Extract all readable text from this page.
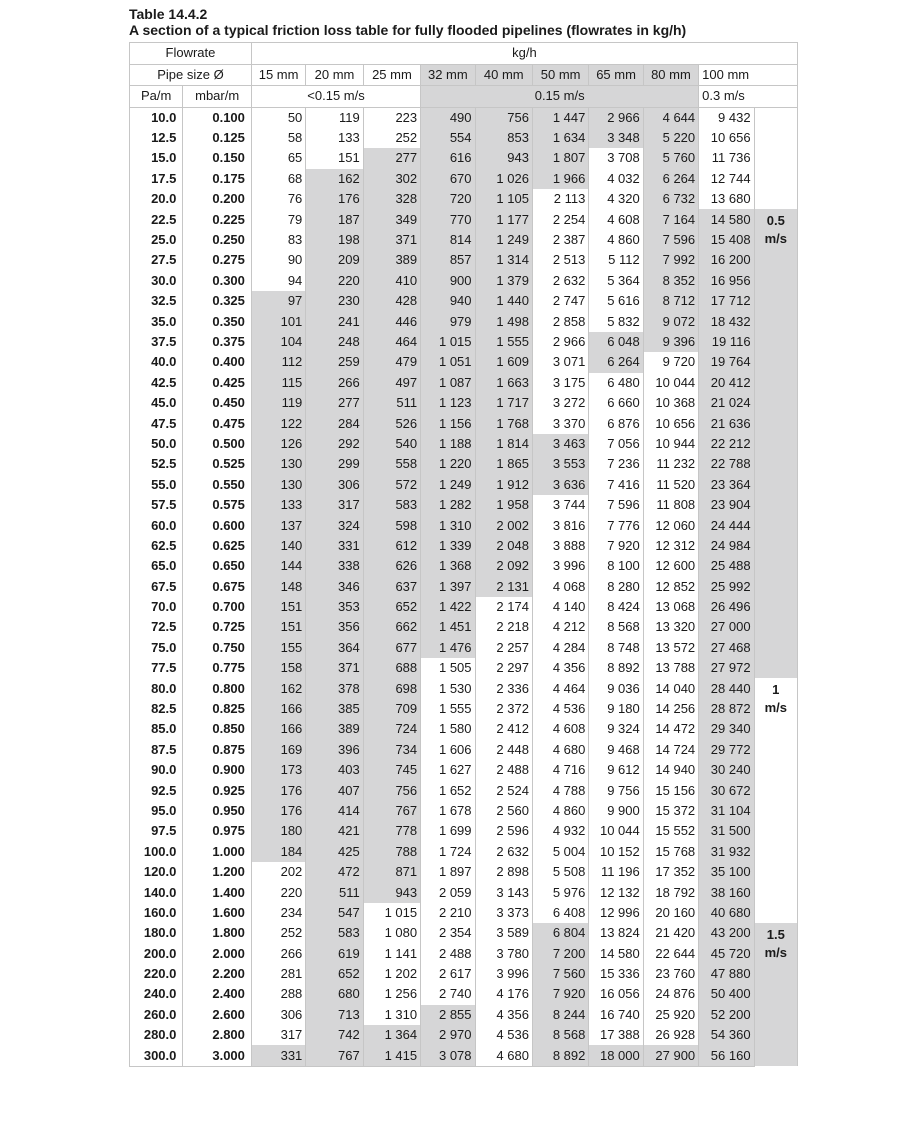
Table 14.4.2

A section of a typical friction loss table for fully flooded pipelines (flowrates in kg/h)

Flowrate		kg/h									
Pipe size Ø		15 mm	20 mm	25 mm	32 mm	40 mm	50 mm	65 mm	80 mm	100 mm	
Pa/m	mbar/m	<0.15 m/s			0.15 m/s					0.3 m/s	
10.0	0.100	50	119	223	490	756	1 447	2 966	4 644	9 432	
12.5	0.125	58	133	252	554	853	1 634	3 348	5 220	10 656	
15.0	0.150	65	151	277	616	943	1 807	3 708	5 760	11 736	
17.5	0.175	68	162	302	670	1 026	1 966	4 032	6 264	12 744	
20.0	0.200	76	176	328	720	1 105	2 113	4 320	6 732	13 680	
22.5	0.225	79	187	349	770	1 177	2 254	4 608	7 164	14 580	0.5
m/s

25.0	0.250	83	198	371	814	1 249	2 387	4 860	7 596	15 408	
27.5	0.275	90	209	389	857	1 314	2 513	5 112	7 992	16 200	
30.0	0.300	94	220	410	900	1 379	2 632	5 364	8 352	16 956	
32.5	0.325	97	230	428	940	1 440	2 747	5 616	8 712	17 712	
35.0	0.350	101	241	446	979	1 498	2 858	5 832	9 072	18 432	
37.5	0.375	104	248	464	1 015	1 555	2 966	6 048	9 396	19 116	
40.0	0.400	112	259	479	1 051	1 609	3 071	6 264	9 720	19 764	
42.5	0.425	115	266	497	1 087	1 663	3 175	6 480	10 044	20 412	
45.0	0.450	119	277	511	1 123	1 717	3 272	6 660	10 368	21 024	
47.5	0.475	122	284	526	1 156	1 768	3 370	6 876	10 656	21 636	
50.0	0.500	126	292	540	1 188	1 814	3 463	7 056	10 944	22 212	
52.5	0.525	130	299	558	1 220	1 865	3 553	7 236	11 232	22 788	
55.0	0.550	130	306	572	1 249	1 912	3 636	7 416	11 520	23 364	
57.5	0.575	133	317	583	1 282	1 958	3 744	7 596	11 808	23 904	
60.0	0.600	137	324	598	1 310	2 002	3 816	7 776	12 060	24 444	
62.5	0.625	140	331	612	1 339	2 048	3 888	7 920	12 312	24 984	
65.0	0.650	144	338	626	1 368	2 092	3 996	8 100	12 600	25 488	
67.5	0.675	148	346	637	1 397	2 131	4 068	8 280	12 852	25 992	
70.0	0.700	151	353	652	1 422	2 174	4 140	8 424	13 068	26 496	
72.5	0.725	151	356	662	1 451	2 218	4 212	8 568	13 320	27 000	
75.0	0.750	155	364	677	1 476	2 257	4 284	8 748	13 572	27 468	
77.5	0.775	158	371	688	1 505	2 297	4 356	8 892	13 788	27 972	
80.0	0.800	162	378	698	1 530	2 336	4 464	9 036	14 040	28 440	1
m/s

82.5	0.825	166	385	709	1 555	2 372	4 536	9 180	14 256	28 872	
85.0	0.850	166	389	724	1 580	2 412	4 608	9 324	14 472	29 340	
87.5	0.875	169	396	734	1 606	2 448	4 680	9 468	14 724	29 772	
90.0	0.900	173	403	745	1 627	2 488	4 716	9 612	14 940	30 240	
92.5	0.925	176	407	756	1 652	2 524	4 788	9 756	15 156	30 672	
95.0	0.950	176	414	767	1 678	2 560	4 860	9 900	15 372	31 104	
97.5	0.975	180	421	778	1 699	2 596	4 932	10 044	15 552	31 500	
100.0	1.000	184	425	788	1 724	2 632	5 004	10 152	15 768	31 932	
120.0	1.200	202	472	871	1 897	2 898	5 508	11 196	17 352	35 100	
140.0	1.400	220	511	943	2 059	3 143	5 976	12 132	18 792	38 160	
160.0	1.600	234	547	1 015	2 210	3 373	6 408	12 996	20 160	40 680	
180.0	1.800	252	583	1 080	2 354	3 589	6 804	13 824	21 420	43 200	1.5
m/s

200.0	2.000	266	619	1 141	2 488	3 780	7 200	14 580	22 644	45 720	
220.0	2.200	281	652	1 202	2 617	3 996	7 560	15 336	23 760	47 880	
240.0	2.400	288	680	1 256	2 740	4 176	7 920	16 056	24 876	50 400	
260.0	2.600	306	713	1 310	2 855	4 356	8 244	16 740	25 920	52 200	
280.0	2.800	317	742	1 364	2 970	4 536	8 568	17 388	26 928	54 360	
300.0	3.000	331	767	1 415	3 078	4 680	8 892	18 000	27 900	56 160	
